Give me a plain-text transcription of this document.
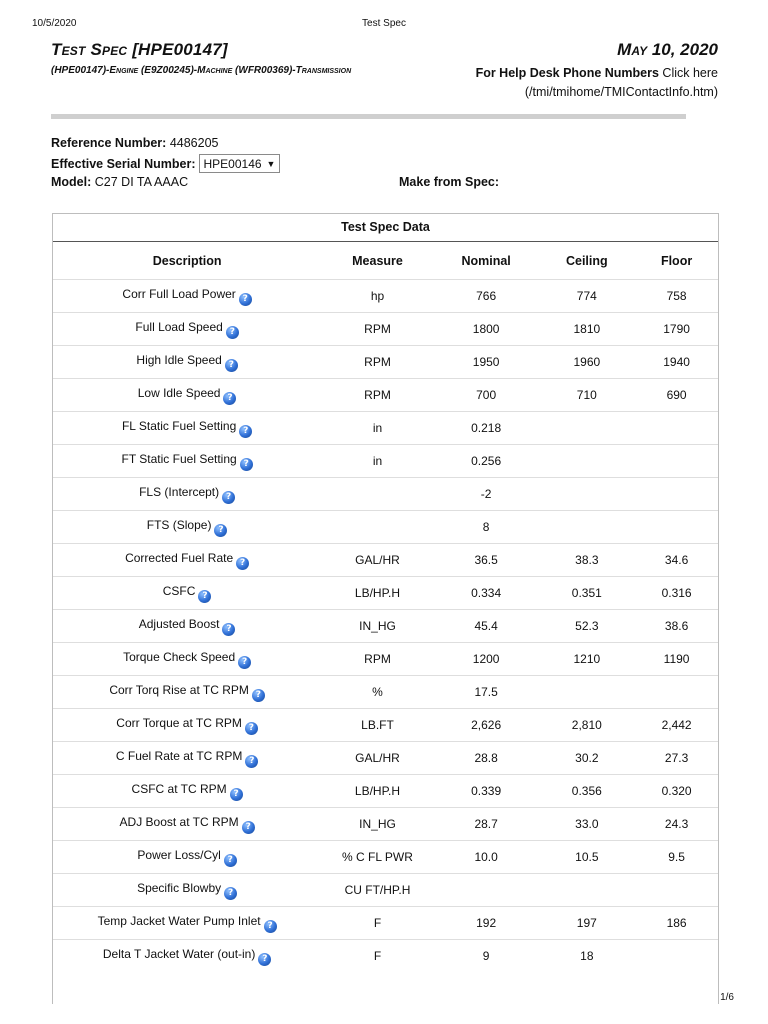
10/5/2020	Test Spec
Test Spec [HPE00147]
(HPE00147)-Engine (E9Z00245)-Machine (WFR00369)-Transmission
May 10, 2020
For Help Desk Phone Numbers Click here
(/tmi/tmihome/TMIContactInfo.htm)
Reference Number: 4486205
Effective Serial Number: HPE00146 ▼
Model: C27 DI TA AAAC	Make from Spec:
Test Spec Data
Description	Measure	Nominal	Ceiling	Floor
Corr Full Load Power ?	hp	766	774	758
Full Load Speed ?	RPM	1800	1810	1790
High Idle Speed ?	RPM	1950	1960	1940
Low Idle Speed ?	RPM	700	710	690
FL Static Fuel Setting ?	in	0.218		
FT Static Fuel Setting ?	in	0.256		
FLS (Intercept) ?		-2		
FTS (Slope) ?		8		
Corrected Fuel Rate ?	GAL/HR	36.5	38.3	34.6
CSFC ?	LB/HP.H	0.334	0.351	0.316
Adjusted Boost ?	IN_HG	45.4	52.3	38.6
Torque Check Speed ?	RPM	1200	1210	1190
Corr Torq Rise at TC RPM ?	%	17.5		
Corr Torque at TC RPM ?	LB.FT	2,626	2,810	2,442
C Fuel Rate at TC RPM ?	GAL/HR	28.8	30.2	27.3
CSFC at TC RPM ?	LB/HP.H	0.339	0.356	0.320
ADJ Boost at TC RPM ?	IN_HG	28.7	33.0	24.3
Power Loss/Cyl ?	% C FL PWR	10.0	10.5	9.5
Specific Blowby ?	CU FT/HP.H			
Temp Jacket Water Pump Inlet ?	F	192	197	186
Delta T Jacket Water (out-in) ?	F	9	18	
1/6
